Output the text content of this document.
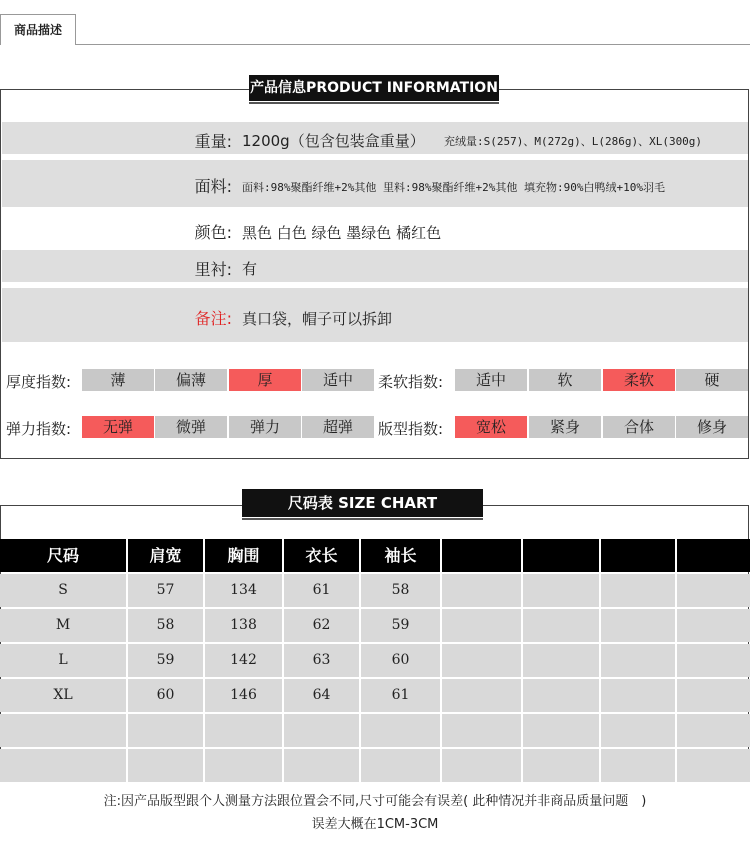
商品描述
产品信息PRODUCT INFORMATION
重量: 1200g（包含包装盒重量） 充绒量:S(257)、M(272g)、L(286g)、XL(300g)
面料: 面料:98%聚酯纤维+2%其他 里料:98%聚酯纤维+2%其他 填充物:90%白鸭绒+10%羽毛
颜色: 黑色 白色 绿色 墨绿色 橘红色
里衬: 有
备注: 真口袋，帽子可以拆卸
厚度指数:	薄	偏薄	厚	适中	柔软指数:	适中	软	柔软	硬
弹力指数:	无弹	微弹	弹力	超弹	版型指数:	宽松	紧身	合体	修身
尺码表 SIZE CHART
尺码	肩宽	胸围	衣长	袖长
S	57	134	61	58
M	58	138	62	59
L	59	142	63	60
XL	60	146	64	61
注:因产品版型跟个人测量方法跟位置会不同,尺寸可能会有误差( 此种情况并非商品质量问题　)
误差大概在1CM-3CM
